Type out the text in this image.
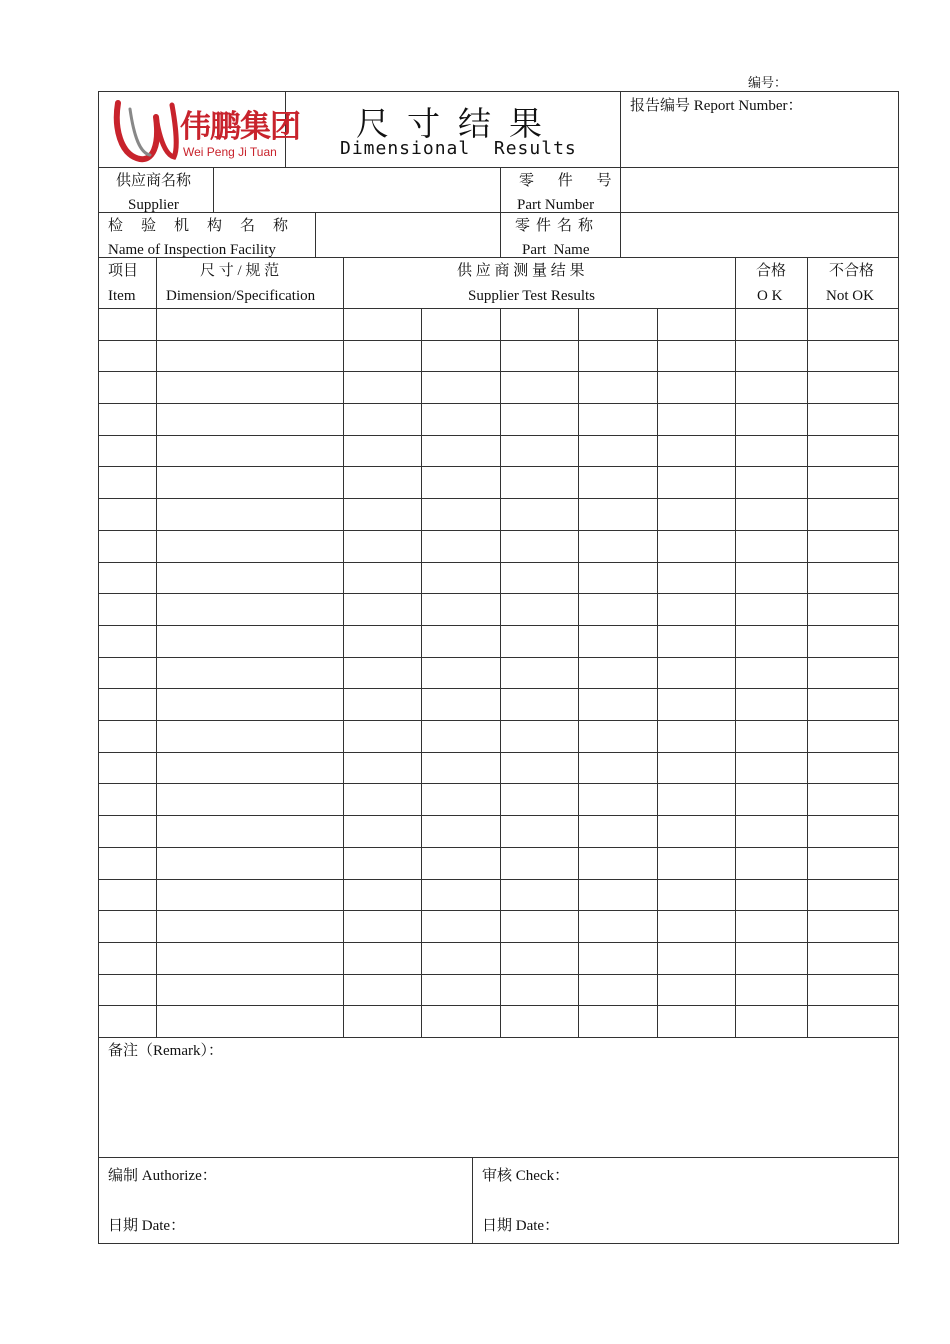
编号：
伟鹏集团
Wei Peng Ji Tuan
尺寸结果
Dimensional  Results
报告编号 Report Number：
供应商名称
Supplier
零 件 号
Part Number
检验机构名称
Name of Inspection Facility
零件名称
Part  Name
项目
Item
尺 寸 / 规 范
Dimension/Specification
供 应 商 测 量 结 果
Supplier Test Results
合格
O K
不合格
Not OK
备注（Remark）：
编制 Authorize：
日期 Date：
审核 Check：
日期 Date：
